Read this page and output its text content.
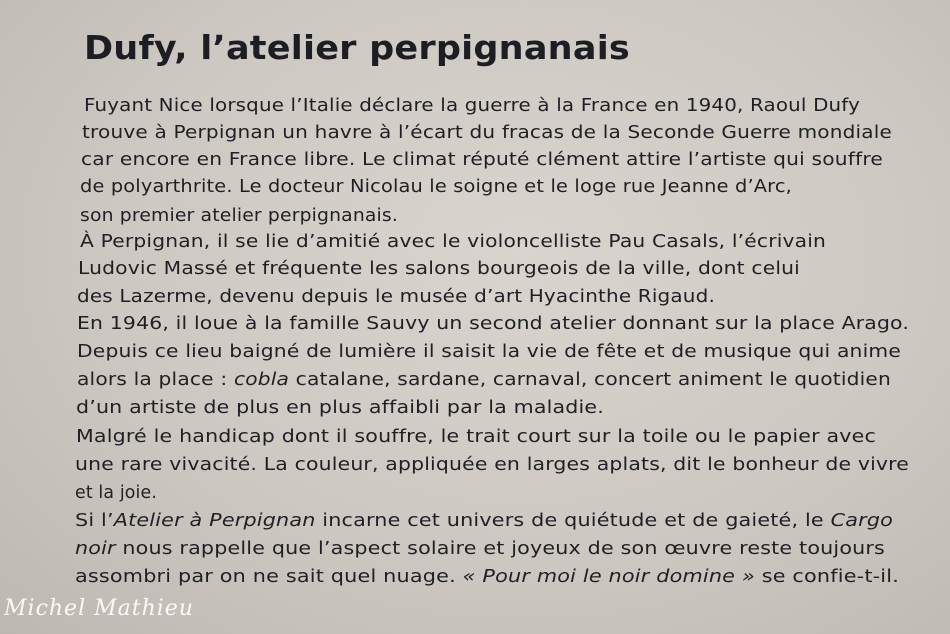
Dufy, l’atelier perpignanais
Fuyant Nice lorsque l’Italie déclare la guerre à la France en 1940, Raoul Dufy
trouve à Perpignan un havre à l’écart du fracas de la Seconde Guerre mondiale
car encore en France libre. Le climat réputé clément attire l’artiste qui souffre
de polyarthrite. Le docteur Nicolau le soigne et le loge rue Jeanne d’Arc,
son premier atelier perpignanais.
À Perpignan, il se lie d’amitié avec le violoncelliste Pau Casals, l’écrivain
Ludovic Massé et fréquente les salons bourgeois de la ville, dont celui
des Lazerme, devenu depuis le musée d’art Hyacinthe Rigaud.
En 1946, il loue à la famille Sauvy un second atelier donnant sur la place Arago.
Depuis ce lieu baigné de lumière il saisit la vie de fête et de musique qui anime
alors la place : cobla catalane, sardane, carnaval, concert animent le quotidien
d’un artiste de plus en plus affaibli par la maladie.
Malgré le handicap dont il souffre, le trait court sur la toile ou le papier avec
une rare vivacité. La couleur, appliquée en larges aplats, dit le bonheur de vivre
et la joie.
Si l’Atelier à Perpignan incarne cet univers de quiétude et de gaieté, le Cargo
noir nous rappelle que l’aspect solaire et joyeux de son œuvre reste toujours
assombri par on ne sait quel nuage. « Pour moi le noir domine » se confie-t-il.
Michel Mathieu
